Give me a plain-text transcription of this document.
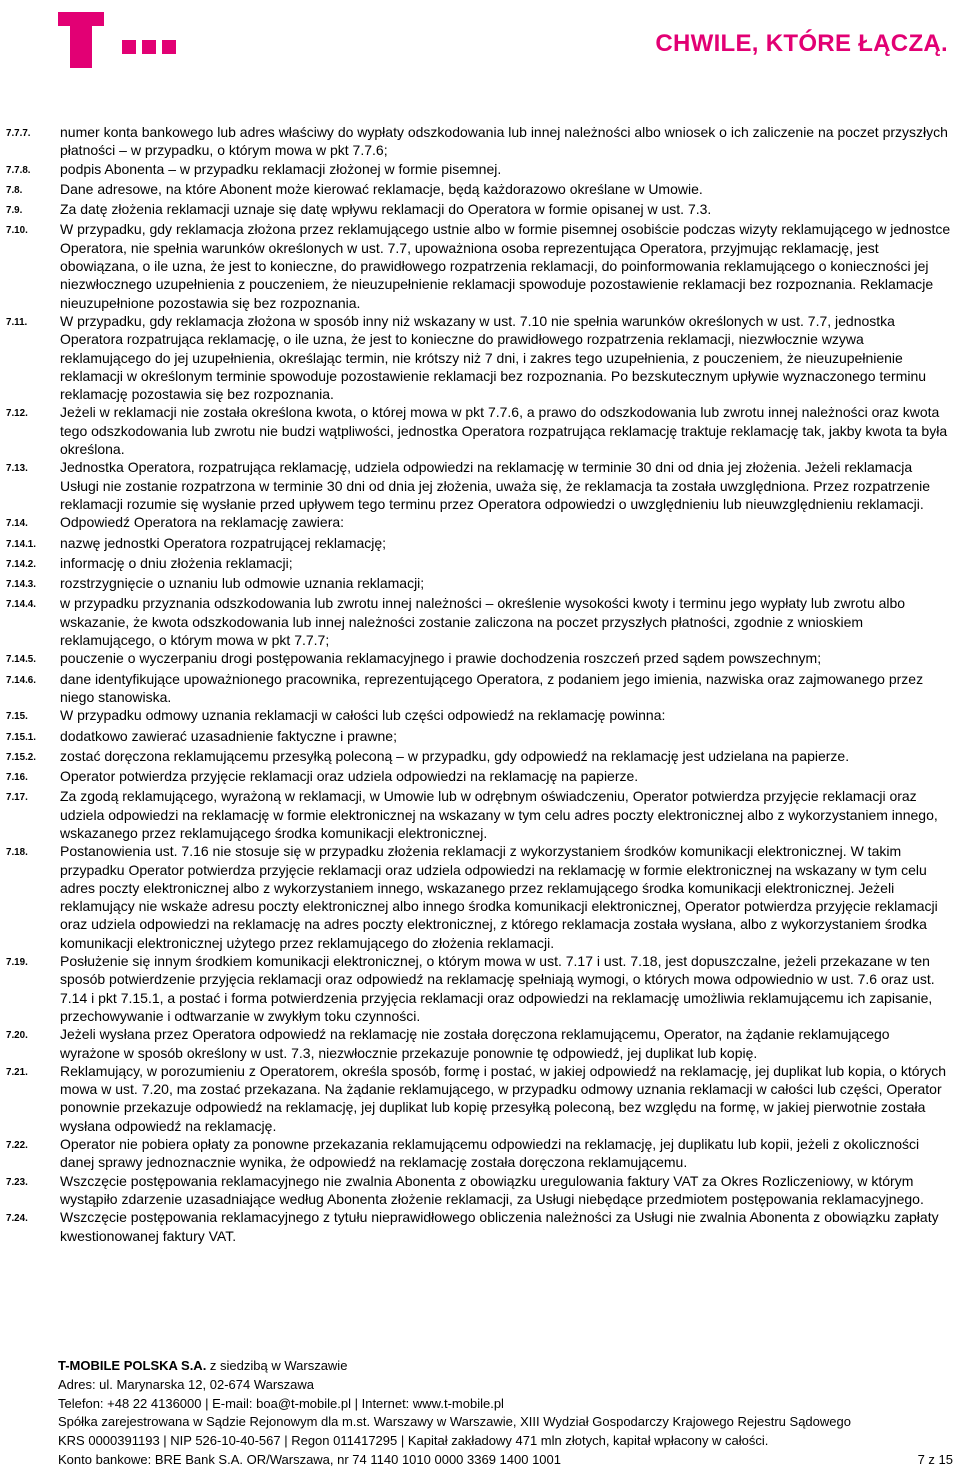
CHWILE, KTÓRE ŁĄCZĄ.
7.7.7.	numer konta bankowego lub adres właściwy do wypłaty odszkodowania lub innej należności albo wniosek o ich zaliczenie na poczet przyszłych płatności – w przypadku, o którym mowa w pkt 7.7.6;
7.7.8.	podpis Abonenta – w przypadku reklamacji złożonej w formie pisemnej.
7.8.	Dane adresowe, na które Abonent może kierować reklamacje, będą każdorazowo określane w Umowie.
7.9.	Za datę złożenia reklamacji uznaje się datę wpływu reklamacji do Operatora w formie opisanej w ust. 7.3.
7.10.	W przypadku, gdy reklamacja złożona przez reklamującego ustnie albo w formie pisemnej osobiście podczas wizyty reklamującego w jednostce Operatora, nie spełnia warunków określonych w ust. 7.7, upoważniona osoba reprezentująca Operatora, przyjmując reklamację, jest obowiązana, o ile uzna, że jest to konieczne, do prawidłowego rozpatrzenia reklamacji, do poinformowania reklamującego o konieczności jej niezwłocznego uzupełnienia z pouczeniem, że nieuzupełnienie reklamacji spowoduje pozostawienie reklamacji bez rozpoznania. Reklamacje nieuzupełnione pozostawia się bez rozpoznania.
7.11.	W przypadku, gdy reklamacja złożona w sposób inny niż wskazany w ust. 7.10 nie spełnia warunków określonych w ust. 7.7, jednostka Operatora rozpatrująca reklamację, o ile uzna, że jest to konieczne do prawidłowego rozpatrzenia reklamacji, niezwłocznie wzywa reklamującego do jej uzupełnienia, określając termin, nie krótszy niż 7 dni, i zakres tego uzupełnienia, z pouczeniem, że nieuzupełnienie reklamacji w określonym terminie spowoduje pozostawienie reklamacji bez rozpoznania. Po bezskutecznym upływie wyznaczonego terminu reklamację pozostawia się bez rozpoznania.
7.12.	Jeżeli w reklamacji nie została określona kwota, o której mowa w pkt 7.7.6, a prawo do odszkodowania lub zwrotu innej należności oraz kwota tego odszkodowania lub zwrotu nie budzi wątpliwości, jednostka Operatora rozpatrująca reklamację traktuje reklamację tak, jakby kwota ta była określona.
7.13.	Jednostka Operatora, rozpatrująca reklamację, udziela odpowiedzi na reklamację w terminie 30 dni od dnia jej złożenia. Jeżeli reklamacja Usługi nie zostanie rozpatrzona w terminie 30 dni od dnia jej złożenia, uważa się, że reklamacja ta została uwzględniona. Przez rozpatrzenie reklamacji rozumie się wysłanie przed upływem tego terminu przez Operatora odpowiedzi o uwzględnieniu lub nieuwzględnieniu reklamacji.
7.14.	Odpowiedź Operatora na reklamację zawiera:
7.14.1.	nazwę jednostki Operatora rozpatrującej reklamację;
7.14.2.	informację o dniu złożenia reklamacji;
7.14.3.	rozstrzygnięcie o uznaniu lub odmowie uznania reklamacji;
7.14.4.	w przypadku przyznania odszkodowania lub zwrotu innej należności – określenie wysokości kwoty i terminu jego wypłaty lub zwrotu albo wskazanie, że kwota odszkodowania lub innej należności zostanie zaliczona na poczet przyszłych płatności, zgodnie z wnioskiem reklamującego, o którym mowa w pkt 7.7.7;
7.14.5.	pouczenie o wyczerpaniu drogi postępowania reklamacyjnego i prawie dochodzenia roszczeń przed sądem powszechnym;
7.14.6.	dane identyfikujące upoważnionego pracownika, reprezentującego Operatora, z podaniem jego imienia, nazwiska oraz zajmowanego przez niego stanowiska.
7.15.	W przypadku odmowy uznania reklamacji w całości lub części odpowiedź na reklamację powinna:
7.15.1.	dodatkowo zawierać uzasadnienie faktyczne i prawne;
7.15.2.	zostać doręczona reklamującemu przesyłką poleconą – w przypadku, gdy odpowiedź na reklamację jest udzielana na papierze.
7.16.	Operator potwierdza przyjęcie reklamacji oraz udziela odpowiedzi na reklamację na papierze.
7.17.	Za zgodą reklamującego, wyrażoną w reklamacji, w Umowie lub w odrębnym oświadczeniu, Operator potwierdza przyjęcie reklamacji oraz udziela odpowiedzi na reklamację w formie elektronicznej na wskazany w tym celu adres poczty elektronicznej albo z wykorzystaniem innego, wskazanego przez reklamującego środka komunikacji elektronicznej.
7.18.	Postanowienia ust. 7.16 nie stosuje się w przypadku złożenia reklamacji z wykorzystaniem środków komunikacji elektronicznej. W takim przypadku Operator potwierdza przyjęcie reklamacji oraz udziela odpowiedzi na reklamację w formie elektronicznej na wskazany w tym celu adres poczty elektronicznej albo z wykorzystaniem innego, wskazanego przez reklamującego środka komunikacji elektronicznej. Jeżeli reklamujący nie wskaże adresu poczty elektronicznej albo innego środka komunikacji elektronicznej, Operator potwierdza przyjęcie reklamacji oraz udziela odpowiedzi na reklamację na adres poczty elektronicznej, z którego reklamacja została wysłana, albo z wykorzystaniem środka komunikacji elektronicznej użytego przez reklamującego do złożenia reklamacji.
7.19.	Posłużenie się innym środkiem komunikacji elektronicznej, o którym mowa w ust. 7.17 i ust. 7.18, jest dopuszczalne, jeżeli przekazane w ten sposób potwierdzenie przyjęcia reklamacji oraz odpowiedź na reklamację spełniają wymogi, o których mowa odpowiednio w ust. 7.6 oraz ust. 7.14 i pkt 7.15.1, a postać i forma potwierdzenia przyjęcia reklamacji oraz odpowiedzi na reklamację umożliwia reklamującemu ich zapisanie, przechowywanie i odtwarzanie w zwykłym toku czynności.
7.20.	Jeżeli wysłana przez Operatora odpowiedź na reklamację nie została doręczona reklamującemu, Operator, na żądanie reklamującego wyrażone w sposób określony w ust. 7.3, niezwłocznie przekazuje ponownie tę odpowiedź, jej duplikat lub kopię.
7.21.	Reklamujący, w porozumieniu z Operatorem, określa sposób, formę i postać, w jakiej odpowiedź na reklamację, jej duplikat lub kopia, o których mowa w ust. 7.20, ma zostać przekazana. Na żądanie reklamującego, w przypadku odmowy uznania reklamacji w całości lub części, Operator ponownie przekazuje odpowiedź na reklamację, jej duplikat lub kopię przesyłką poleconą, bez względu na formę, w jakiej pierwotnie została wysłana odpowiedź na reklamację.
7.22.	Operator nie pobiera opłaty za ponowne przekazania reklamującemu odpowiedzi na reklamację, jej duplikatu lub kopii, jeżeli z okoliczności danej sprawy jednoznacznie wynika, że odpowiedź na reklamację została doręczona reklamującemu.
7.23.	Wszczęcie postępowania reklamacyjnego nie zwalnia Abonenta z obowiązku uregulowania faktury VAT za Okres Rozliczeniowy, w którym wystąpiło zdarzenie uzasadniające według Abonenta złożenie reklamacji, za Usługi niebędące przedmiotem postępowania reklamacyjnego.
7.24.	Wszczęcie postępowania reklamacyjnego z tytułu nieprawidłowego obliczenia należności za Usługi nie zwalnia Abonenta z obowiązku zapłaty kwestionowanej faktury VAT.
T-MOBILE POLSKA S.A. z siedzibą w Warszawie
Adres: ul. Marynarska 12, 02-674 Warszawa
Telefon: +48 22 4136000 | E-mail: boa@t-mobile.pl | Internet: www.t-mobile.pl
Spółka zarejestrowana w Sądzie Rejonowym dla m.st. Warszawy w Warszawie, XIII Wydział Gospodarczy Krajowego Rejestru Sądowego
KRS 0000391193 | NIP 526-10-40-567 | Regon 011417295 | Kapitał zakładowy 471 mln złotych, kapitał wpłacony w całości.
Konto bankowe: BRE Bank S.A. OR/Warszawa, nr 74 1140 1010 0000 3369 1400 1001	7 z 15
